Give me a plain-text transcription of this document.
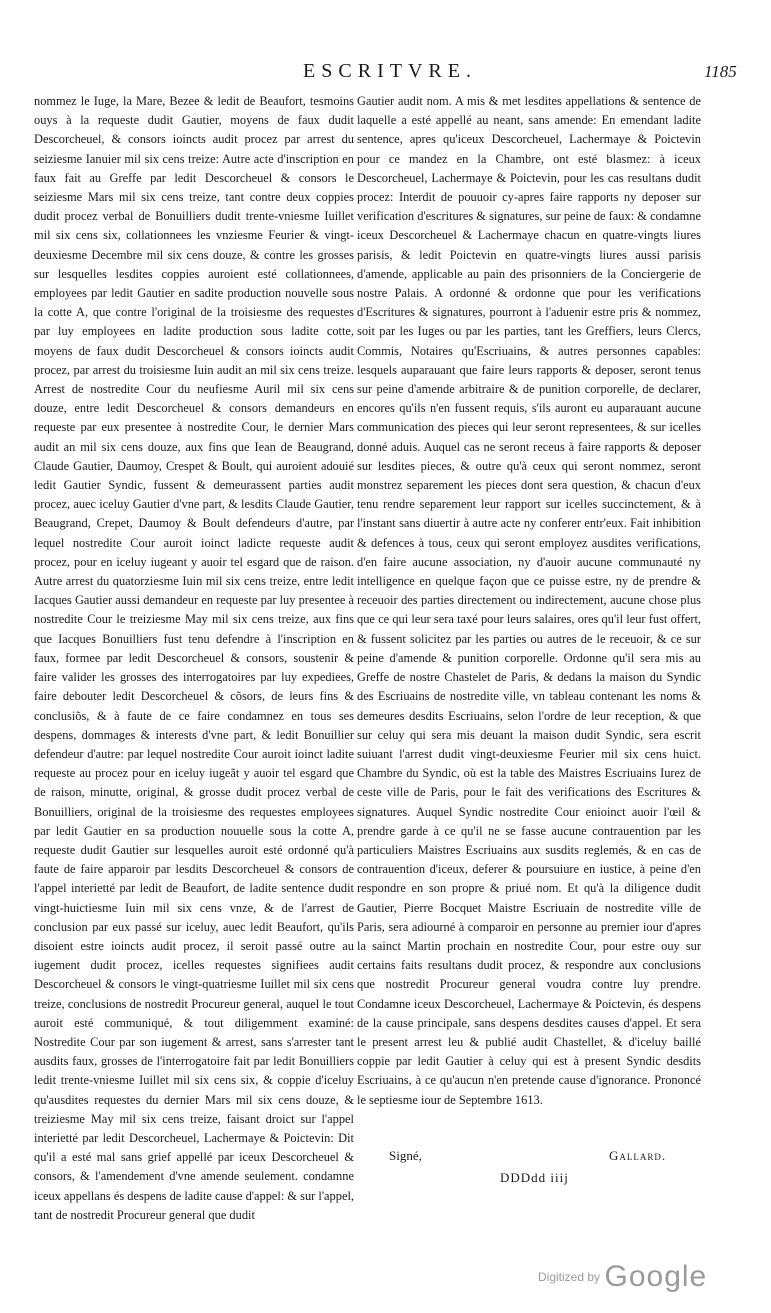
ESCRITVRE.	1185

nommez le Iuge, la Mare, Bezee & ledit de Beaufort, tesmoins ouys à la requeste dudit Gautier, moyens de faux dudit Descorcheuel, & consors ioincts audit procez par arrest du seiziesme Ianuier mil six cens treize: Autre acte d'inscription en faux fait au Greffe par ledit Descorcheuel & consors le seiziesme Mars mil six cens treize, tant contre deux coppies dudit procez verbal de Bonuilliers dudit trente-vniesme Iuillet mil six cens six, collationnees les vnziesme Feurier & vingt-deuxiesme Decembre mil six cens douze, & contre les grosses sur lesquelles lesdites coppies auroient esté collationnees, employees par ledit Gautier en sadite production nouvelle sous la cotte A, que contre l'original de la troisiesme des requestes par luy employees en ladite production sous ladite cotte, moyens de faux dudit Descorcheuel & consors ioincts audit procez, par arrest du troisiesme Iuin audit an mil six cens treize. Arrest de nostredite Cour du neufiesme Auril mil six cens douze, entre ledit Descorcheuel & consors demandeurs en requeste par eux presentee à nostredite Cour, le dernier Mars audit an mil six cens douze, aux fins que Iean de Beaugrand, Claude Gautier, Daumoy, Crespet & Boult, qui auroient adouié ledit Gautier Syndic, fussent & demeurassent parties audit procez, auec iceluy Gautier d'vne part, & lesdits Claude Gautier, Beaugrand, Crepet, Daumoy & Boult defendeurs d'autre, par lequel nostredite Cour auroit ioinct ladicte requeste audit procez, pour en iceluy iugeant y auoir tel esgard que de raison. Autre arrest du quatorziesme Iuin mil six cens treize, entre ledit Iacques Gautier aussi demandeur en requeste par luy presentee à nostredite Cour le treiziesme May mil six cens treize, aux fins que Iacques Bonuilliers fust tenu defendre à l'inscription en faux, formee par ledit Descorcheuel & consors, soustenir & faire valider les grosses des interrogatoires par luy expediees, faire debouter ledit Descorcheuel & cõsors, de leurs fins & conclusiõs, & à faute de ce faire condamnez en tous ses despens, dommages & interests d'vne part, & ledit Bonuillier defendeur d'autre: par lequel nostredite Cour auroit ioinct ladite requeste au procez pour en iceluy iugeãt y auoir tel esgard que de raison, minutte, original, & grosse dudit procez verbal de Bonuilliers, original de la troisiesme des requestes employees par ledit Gautier en sa production nouuelle sous la cotte A, requeste dudit Gautier sur lesquelles auroit esté ordonné qu'à faute de faire apparoir par lesdits Descorcheuel & consors de l'appel interietté par ledit de Beaufort, de ladite sentence dudit vingt-huictiesme Iuin mil six cens vnze, & de l'arrest de conclusion par eux passé sur iceluy, auec ledit Beaufort, qu'ils disoient estre ioincts audit procez, il seroit passé outre au iugement dudit procez, icelles requestes signifiees audit Descorcheuel & consors le vingt-quatriesme Iuillet mil six cens treize, conclusions de nostredit Procureur general, auquel le tout auroit esté communiqué, & tout diligemment examiné: Nostredite Cour par son iugement & arrest, sans s'arrester tant ausdits faux, grosses de l'interrogatoire fait par ledit Bonuilliers ledit trente-vniesme Iuillet mil six cens six, & coppie d'iceluy qu'ausdites requestes du dernier Mars mil six cens douze, & treiziesme May mil six cens treize, faisant droict sur l'appel interietté par ledit Descorcheuel, Lachermaye & Poictevin: Dit qu'il a esté mal sans grief appellé par iceux Descorcheuel & consors, & l'amendement d'vne amende seulement. condamne iceux appellans és despens de ladite cause d'appel: & sur l'appel, tant de nostredit Procureur general que dudit

Gautier audit nom. A mis & met lesdites appellations & sentence de laquelle a esté appellé au neant, sans amende: En emendant ladite sentence, apres qu'iceux Descorcheuel, Lachermaye & Poictevin pour ce mandez en la Chambre, ont esté blasmez: à iceux Descorcheuel, Lachermaye & Poictevin, pour les cas resultans dudit procez: Interdit de pouuoir cy-apres faire rapports ny deposer sur verification d'escritures & signatures, sur peine de faux: & condamne iceux Descorcheuel & Lachermaye chacun en quatre-vingts liures parisis, & ledit Poictevin en quatre-vingts liures aussi parisis d'amende, applicable au pain des prisonniers de la Conciergerie de nostre Palais. A ordonné & ordonne que pour les verifications d'Escritures & signatures, pourront à l'aduenir estre pris & nommez, soit par les Iuges ou par les parties, tant les Greffiers, leurs Clercs, Commis, Notaires qu'Escriuains, & autres personnes capables: lesquels auparauant que faire leurs rapports & deposer, seront tenus sur peine d'amende arbitraire & de punition corporelle, de declarer, encores qu'ils n'en fussent requis, s'ils auront eu auparauant aucune communication des pieces qui leur seront representees, & sur icelles donné aduis. Auquel cas ne seront receus à faire rapports & deposer sur lesdites pieces, & outre qu'à ceux qui seront nommez, seront monstrez separement les pieces dont sera question, & chacun d'eux tenu rendre separement leur rapport sur icelles succinctement, & à l'instant sans diuertir à autre acte ny conferer entr'eux. Fait inhibition & defences à tous, ceux qui seront employez ausdites verifications, d'en faire aucune association, ny d'auoir aucune communauté ny intelligence en quelque façon que ce puisse estre, ny de prendre & receuoir des parties directement ou indirectement, aucune chose plus que ce qui leur sera taxé pour leurs salaires, ores qu'il leur fust offert, & fussent solicitez par les parties ou autres de le receuoir, & ce sur peine d'amende & punition corporelle. Ordonne qu'il sera mis au Greffe de nostre Chastelet de Paris, & dedans la maison du Syndic des Escriuains de nostredite ville, vn tableau contenant les noms & demeures desdits Escriuains, selon l'ordre de leur reception, & que sur celuy qui sera mis deuant la maison dudit Syndic, sera escrit suiuant l'arrest dudit vingt-deuxiesme Feurier mil six cens huict. Chambre du Syndic, où est la table des Maistres Escriuains Iurez de ceste ville de Paris, pour le fait des verifications des Escritures & signatures. Auquel Syndic nostredite Cour enioinct auoir l'œil & prendre garde à ce qu'il ne se fasse aucune contrauention par les particuliers Maistres Escriuains aux susdits reglemés, & en cas de contrauention d'iceux, deferer & poursuiure en iustice, à peine d'en respondre en son propre & priué nom. Et qu'à la diligence dudit Gautier, Pierre Bocquet Maistre Escriuain de nostredite ville de Paris, sera adiourné à comparoir en personne au premier iour d'apres la sainct Martin prochain en nostredite Cour, pour estre ouy sur certains faits resultans dudit procez, & respondre aux conclusions que nostredit Procureur general voudra contre luy prendre. Condamne iceux Descorcheuel, Lachermaye & Poictevin, és despens de la cause principale, sans despens desdites causes d'appel. Et sera le present arrest leu & publié audit Chastellet, & d'iceluy baillé coppie par ledit Gautier à celuy qui est à present Syndic desdits Escriuains, à ce qu'aucun n'en pretende cause d'ignorance. Prononcé le septiesme iour de Septembre 1613.

Signé,	Gallard.
DDDdd iiij
Digitized by Google
